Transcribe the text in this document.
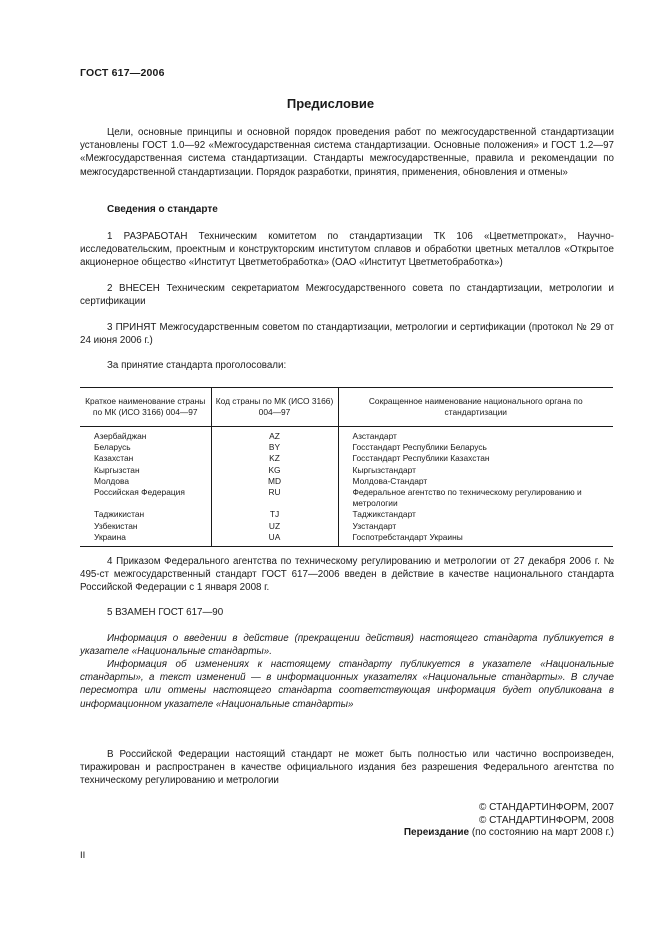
ГОСТ 617—2006
Предисловие

Цели, основные принципы и основной порядок проведения работ по межгосударственной стандартизации установлены ГОСТ 1.0—92 «Межгосударственная система стандартизации. Основные положения» и ГОСТ 1.2—97 «Межгосударственная система стандартизации. Стандарты межгосударственные, правила и рекомендации по межгосударственной стандартизации. Порядок разработки, принятия, применения, обновления и отмены»

Сведения о стандарте

1 РАЗРАБОТАН Техническим комитетом по стандартизации ТК 106 «Цветметпрокат», Научно-исследовательским, проектным и конструкторским институтом сплавов и обработки цветных металлов «Открытое акционерное общество «Институт Цветметобработка» (ОАО «Институт Цветметобработка»)

2 ВНЕСЕН Техническим секретариатом Межгосударственного совета по стандартизации, метрологии и сертификации

3 ПРИНЯТ Межгосударственным советом по стандартизации, метрологии и сертификации (протокол № 29 от 24 июня 2006 г.)

За принятие стандарта проголосовали:
Краткое наименование страны по МК (ИСО 3166) 004—97	Код страны по МК (ИСО 3166) 004—97	Сокращенное наименование национального органа по стандартизации
Азербайджан	AZ	Азстандарт
Беларусь	BY	Госстандарт Республики Беларусь
Казахстан	KZ	Госстандарт Республики Казахстан
Кыргызстан	KG	Кыргызстандарт
Молдова	MD	Молдова-Стандарт
Российская Федерация	RU	Федеральное агентство по техническому регулированию и метрологии
Таджикистан	TJ	Таджикстандарт
Узбекистан	UZ	Узстандарт
Украина	UA	Госпотребстандарт Украины

4 Приказом Федерального агентства по техническому регулированию и метрологии от 27 декабря 2006 г. № 495-ст межгосударственный стандарт ГОСТ 617—2006 введен в действие в качестве национального стандарта Российской Федерации с 1 января 2008 г.

5 ВЗАМЕН ГОСТ 617—90

Информация о введении в действие (прекращении действия) настоящего стандарта публикуется в указателе «Национальные стандарты».

Информация об изменениях к настоящему стандарту публикуется в указателе «Национальные стандарты», а текст изменений — в информационных указателях «Национальные стандарты». В случае пересмотра или отмены настоящего стандарта соответствующая информация будет опубликована в информационном указателе «Национальные стандарты»

В Российской Федерации настоящий стандарт не может быть полностью или частично воспроизведен, тиражирован и распространен в качестве официального издания без разрешения Федерального агентства по техническому регулированию и метрологии

© СТАНДАРТИНФОРМ, 2007
© СТАНДАРТИНФОРМ, 2008
Переиздание (по состоянию на март 2008 г.)
II
